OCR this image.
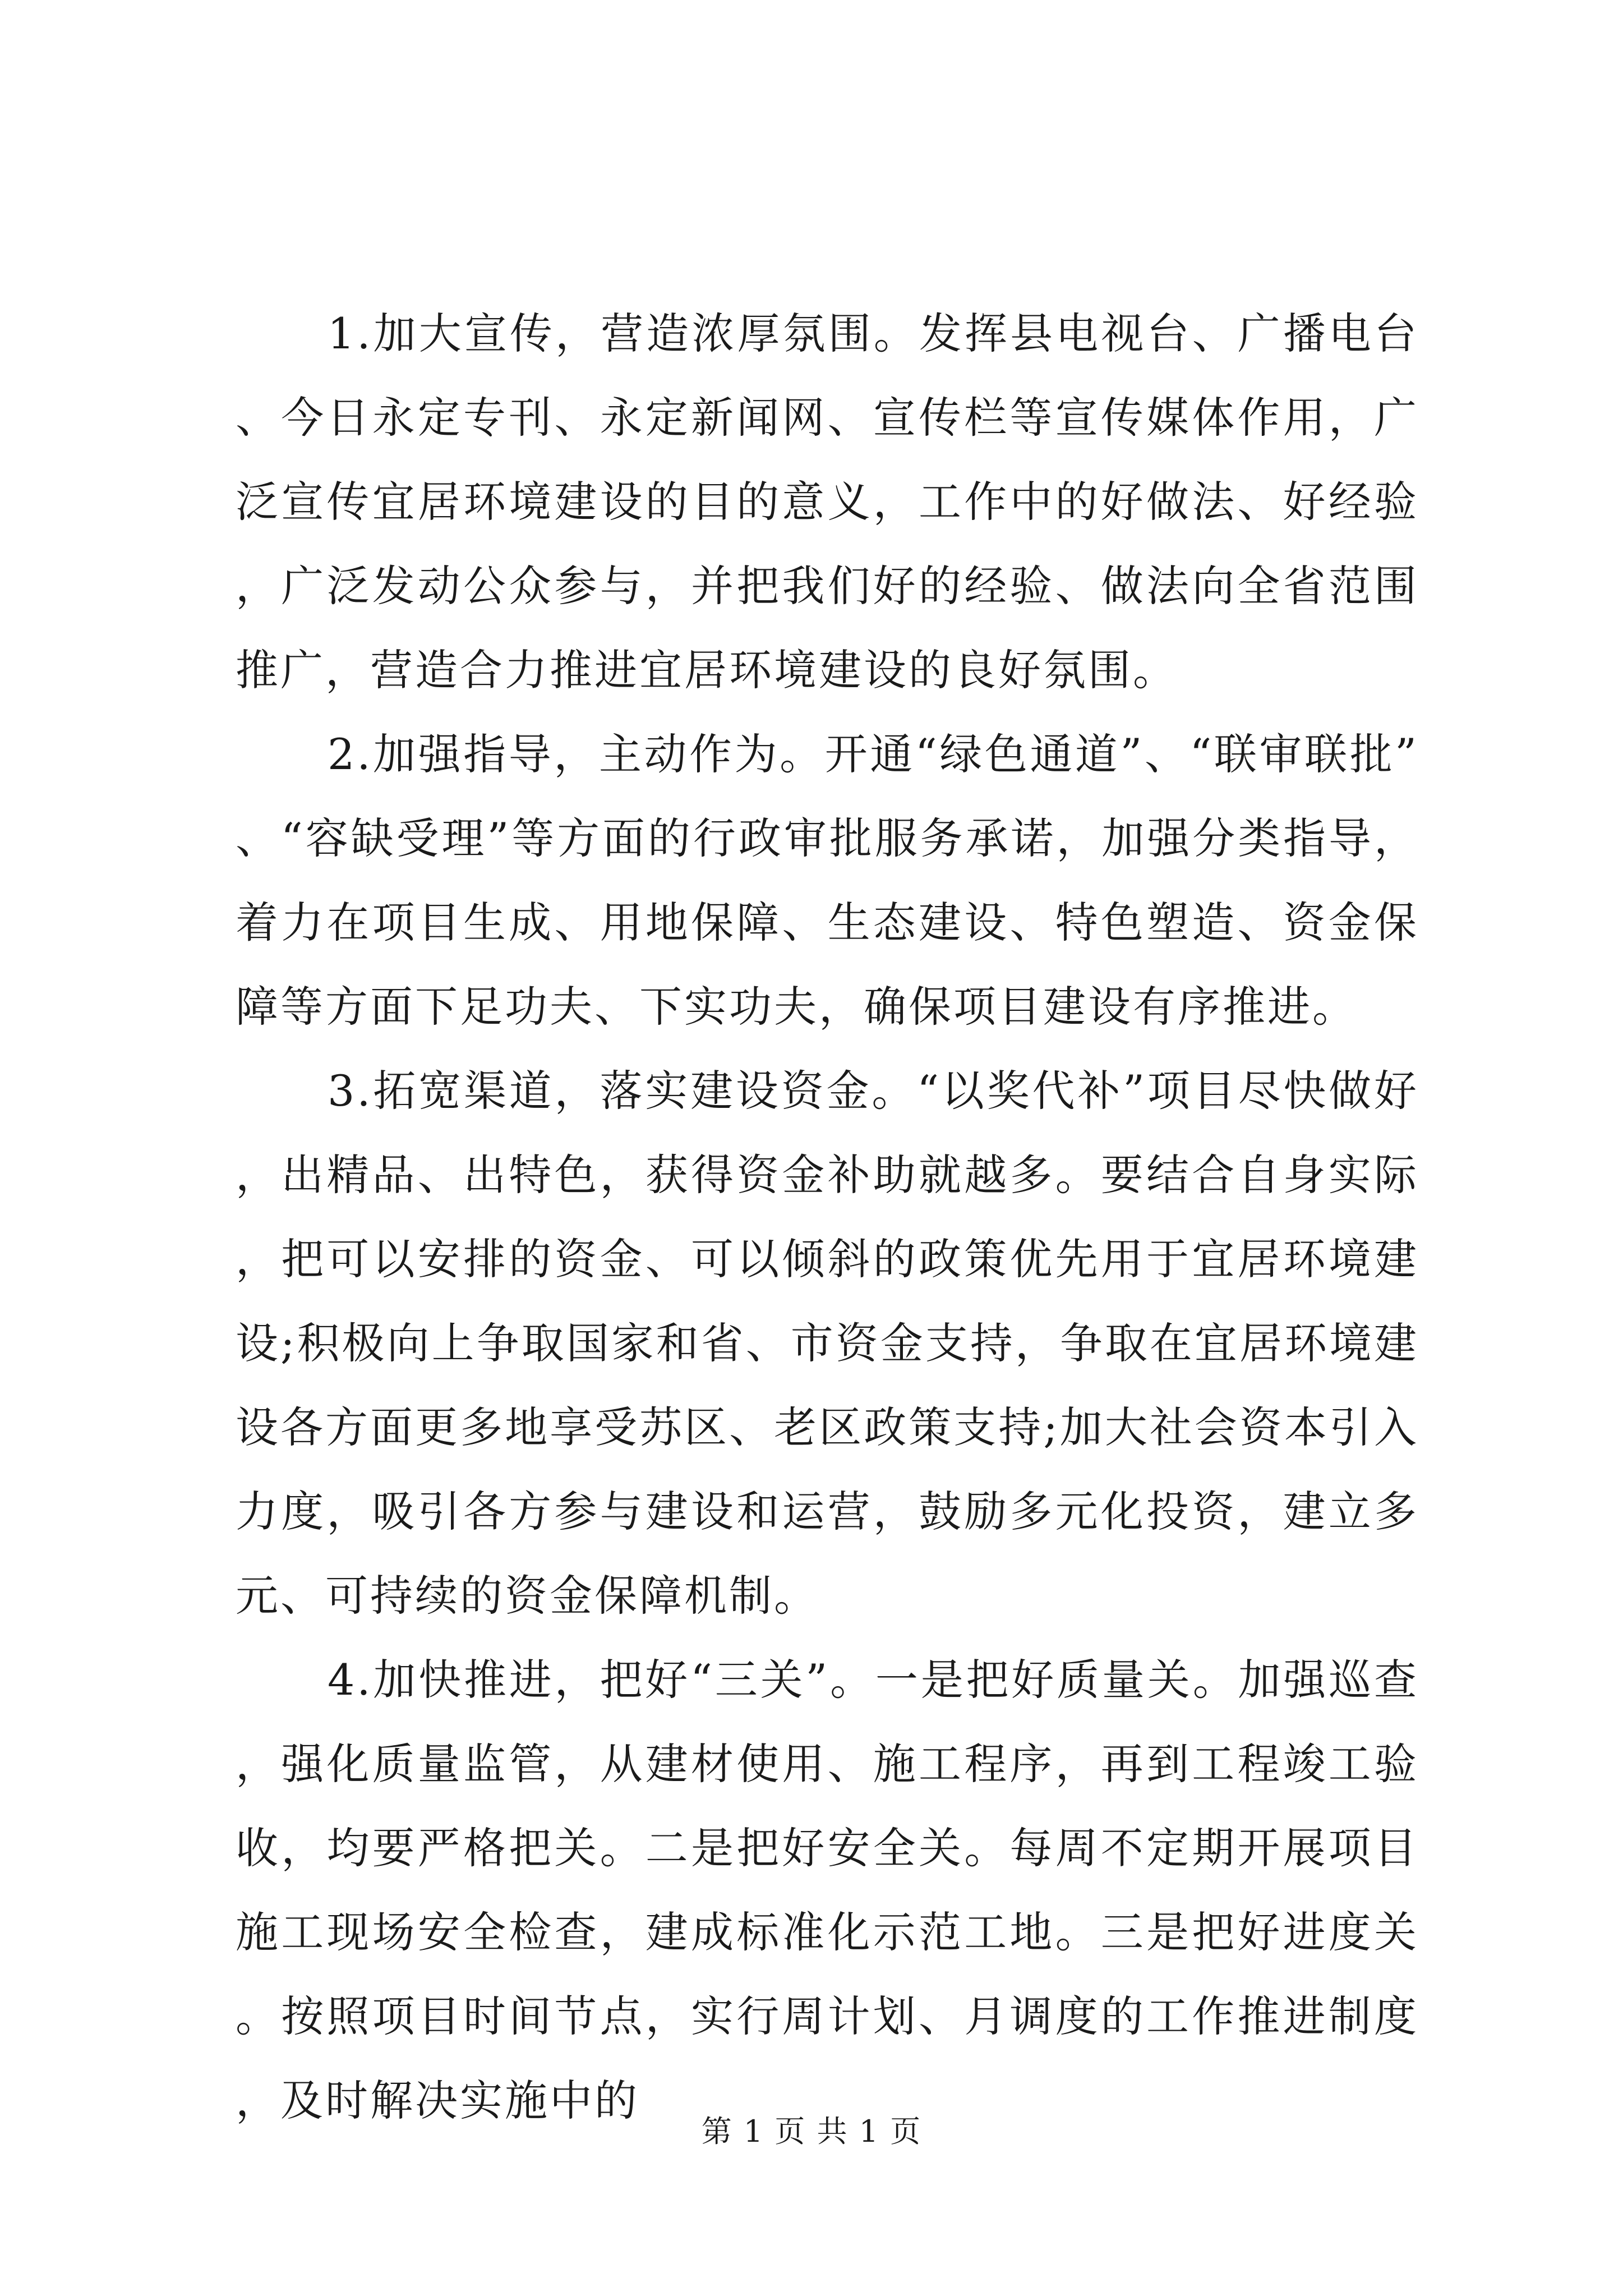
1.加大宣传，营造浓厚氛围。发挥县电视台、广播电台、今日永定专刊、永定新闻网、宣传栏等宣传媒体作用，广泛宣传宜居环境建设的目的意义，工作中的好做法、好经验，广泛发动公众参与，并把我们好的经验、做法向全省范围推广，营造合力推进宜居环境建设的良好氛围。

2.加强指导，主动作为。开通“绿色通道”、“联审联批”、“容缺受理”等方面的行政审批服务承诺，加强分类指导，着力在项目生成、用地保障、生态建设、特色塑造、资金保障等方面下足功夫、下实功夫，确保项目建设有序推进。

3.拓宽渠道，落实建设资金。“以奖代补”项目尽快做好，出精品、出特色，获得资金补助就越多。要结合自身实际，把可以安排的资金、可以倾斜的政策优先用于宜居环境建设;积极向上争取国家和省、市资金支持，争取在宜居环境建设各方面更多地享受苏区、老区政策支持;加大社会资本引入力度，吸引各方参与建设和运营，鼓励多元化投资，建立多元、可持续的资金保障机制。

4.加快推进，把好“三关”。一是把好质量关。加强巡查，强化质量监管，从建材使用、施工程序，再到工程竣工验收，均要严格把关。二是把好安全关。每周不定期开展项目施工现场安全检查，建成标准化示范工地。三是把好进度关。按照项目时间节点，实行周计划、月调度的工作推进制度，及时解决实施中的

第 1 页 共 1 页
